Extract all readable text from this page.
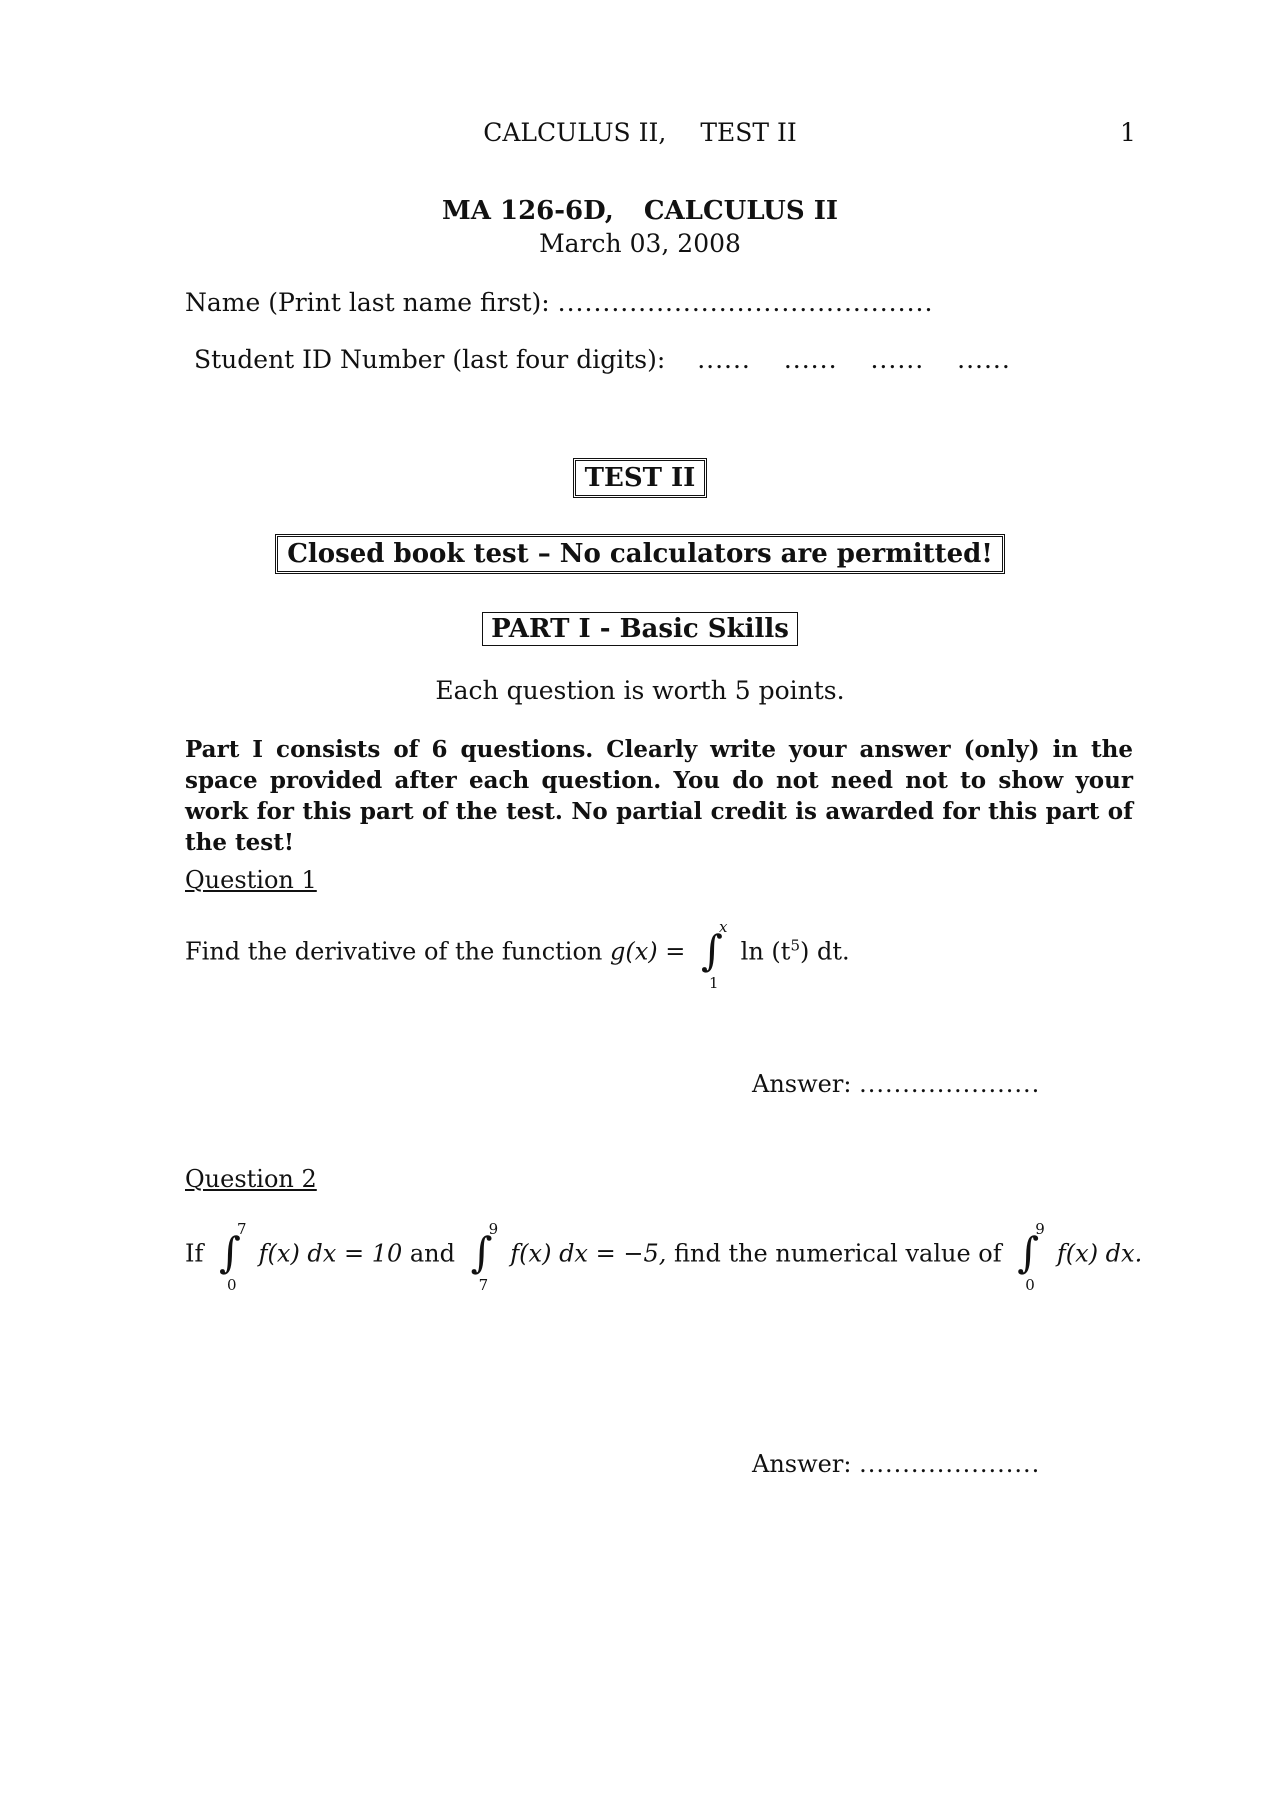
CALCULUS II, TEST II	1
MA 126-6D, CALCULUS II
March 03, 2008
Name (Print last name first): ..........................................
Student ID Number (last four digits): ...... ...... ...... ......
TEST II
Closed book test – No calculators are permitted!
PART I - Basic Skills
Each question is worth 5 points.
Part I consists of 6 questions. Clearly write your answer (only) in the space provided after each question. You do not need not to show your work for this part of the test. No partial credit is awarded for this part of the test!
Question 1
Find the derivative of the function g(x) = ∫
x
1
$\ln (t^5)$ dt.
Answer: .....................
Question 2
If ∫
7
0
f(x) dx = 10 and ∫
9
7
f(x) dx = −5, find the numerical value of ∫
9
0
f(x) dx.
Answer: .....................
